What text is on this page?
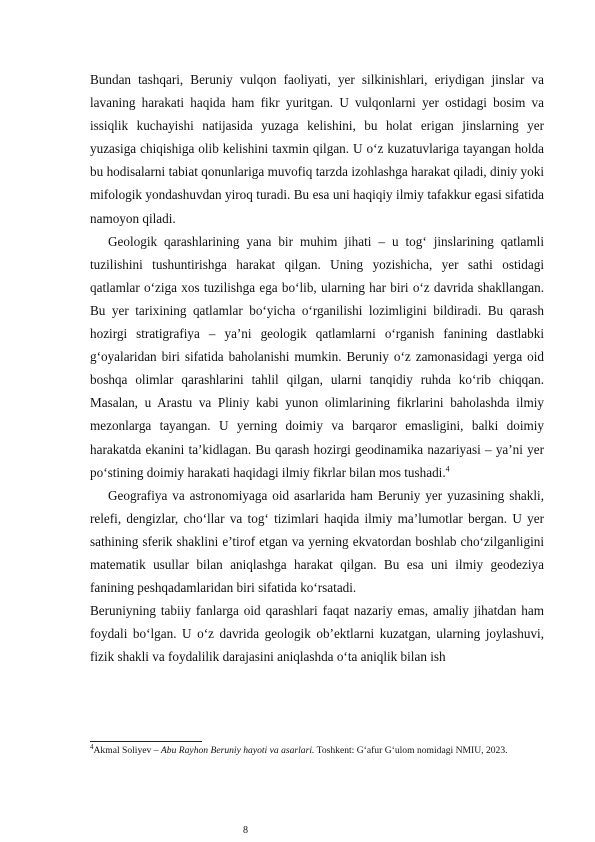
Bundan tashqari, Beruniy vulqon faoliyati, yer silkinishlari, eriydigan jinslar va lavaning harakati haqida ham fikr yuritgan. U vulqonlarni yer ostidagi bosim va issiqlik kuchayishi natijasida yuzaga kelishini, bu holat erigan jinslarning yer yuzasiga chiqishiga olib kelishini taxmin qilgan. U o‘z kuzatuvlariga tayangan holda bu hodisalarni tabiat qonunlariga muvofiq tarzda izohlashga harakat qiladi, diniy yoki mifologik yondashuvdan yiroq turadi. Bu esa uni haqiqiy ilmiy tafakkur egasi sifatida namoyon qiladi.

Geologik qarashlarining yana bir muhim jihati – u tog‘ jinslarining qatlamli tuzilishini tushuntirishga harakat qilgan. Uning yozishicha, yer sathi ostidagi qatlamlar o‘ziga xos tuzilishga ega bo‘lib, ularning har biri o‘z davrida shakllangan. Bu yer tarixining qatlamlar bo‘yicha o‘rganilishi lozimligini bildiradi. Bu qarash hozirgi stratigrafiya – ya’ni geologik qatlamlarni o‘rganish fanining dastlabki g‘oyalaridan biri sifatida baholanishi mumkin. Beruniy o‘z zamonasidagi yerga oid boshqa olimlar qarashlarini tahlil qilgan, ularni tanqidiy ruhda ko‘rib chiqqan. Masalan, u Arastu va Pliniy kabi yunon olimlarining fikrlarini baholashda ilmiy mezonlarga tayangan. U yerning doimiy va barqaror emasligini, balki doimiy harakatda ekanini ta’kidlagan. Bu qarash hozirgi geodinamika nazariyasi – ya’ni yer po‘stining doimiy harakati haqidagi ilmiy fikrlar bilan mos tushadi.$^4$

Geografiya va astronomiyaga oid asarlarida ham Beruniy yer yuzasining shakli, relefi, dengizlar, cho‘llar va tog‘ tizimlari haqida ilmiy ma’lumotlar bergan. U yer sathining sferik shaklini e’tirof etgan va yerning ekvatordan boshlab cho‘zilganligini matematik usullar bilan aniqlashga harakat qilgan. Bu esa uni ilmiy geodeziya fanining peshqadamlaridan biri sifatida ko‘rsatadi.

Beruniyning tabiiy fanlarga oid qarashlari faqat nazariy emas, amaliy jihatdan ham foydali bo‘lgan. U o‘z davrida geologik ob’ektlarni kuzatgan, ularning joylashuvi, fizik shakli va foydalilik darajasini aniqlashda o‘ta aniqlik bilan ish

$^4$Akmal Soliyev – Abu Rayhon Beruniy hayoti va asarlari. Toshkent: G‘afur G‘ulom nomidagi NMIU, 2023.
8
